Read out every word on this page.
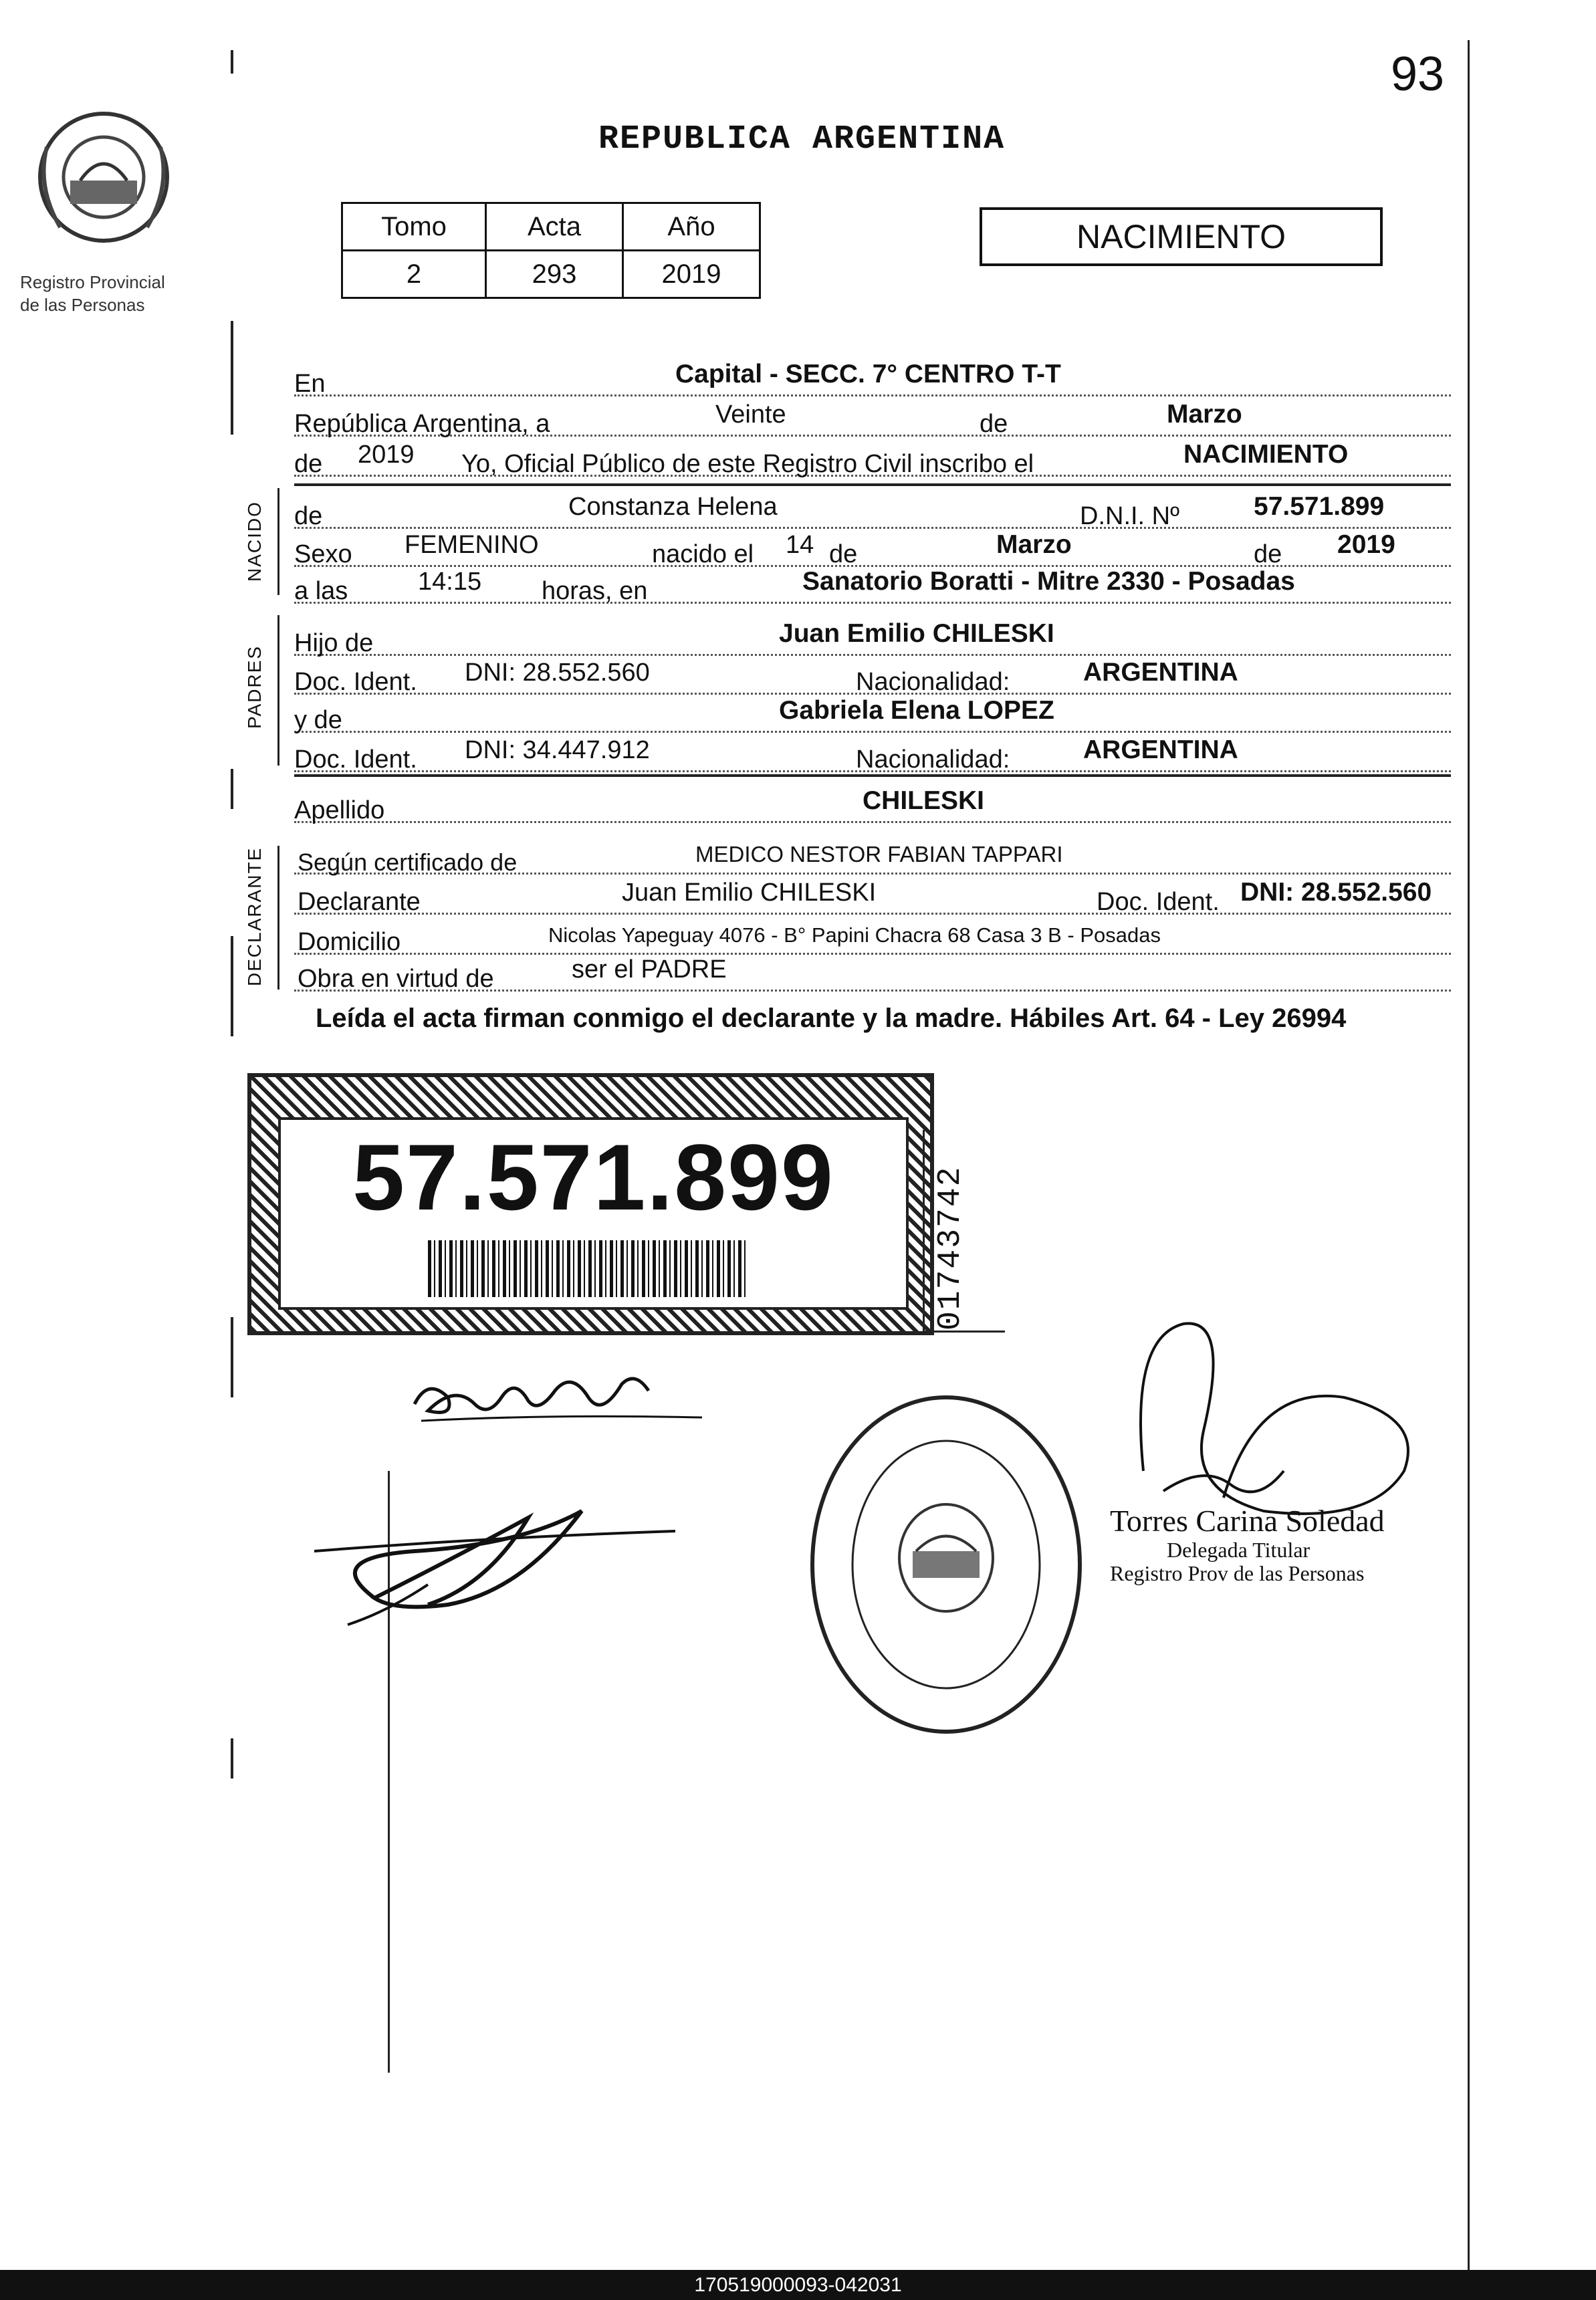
93
Registro Provincial
de las Personas
REPUBLICA ARGENTINA
Tomo	Acta	Año
2	293	2019
NACIMIENTO
En	Capital - SECC. 7° CENTRO T-T
República Argentina, a	Veinte	de	Marzo
de 2019 Yo, Oficial Público de este Registro Civil inscribo el	NACIMIENTO
de	Constanza Helena	D.N.I. Nº	57.571.899
Sexo FEMENINO	nacido el 14 de	Marzo	de 2019
a las	14:15 horas, en	Sanatorio Boratti - Mitre 2330 - Posadas
Hijo de	Juan Emilio CHILESKI
Doc. Ident. DNI: 28.552.560	Nacionalidad:	ARGENTINA
y de	Gabriela Elena LOPEZ
Doc. Ident. DNI: 34.447.912	Nacionalidad:	ARGENTINA
Apellido	CHILESKI
Según certificado de	MEDICO NESTOR FABIAN TAPPARI
Declarante	Juan Emilio CHILESKI	Doc. Ident. DNI: 28.552.560
Domicilio	Nicolas Yapeguay 4076 - B° Papini Chacra 68 Casa 3 B - Posadas
Obra en virtud de	ser el PADRE
NACIDO
PADRES
DECLARANTE
Leída el acta firman conmigo el declarante y la madre. Hábiles Art. 64 - Ley 26994
57.571.899	01743742
Torres Carina Soledad
Delegada Titular
Registro Prov de las Personas
170519000093-042031
